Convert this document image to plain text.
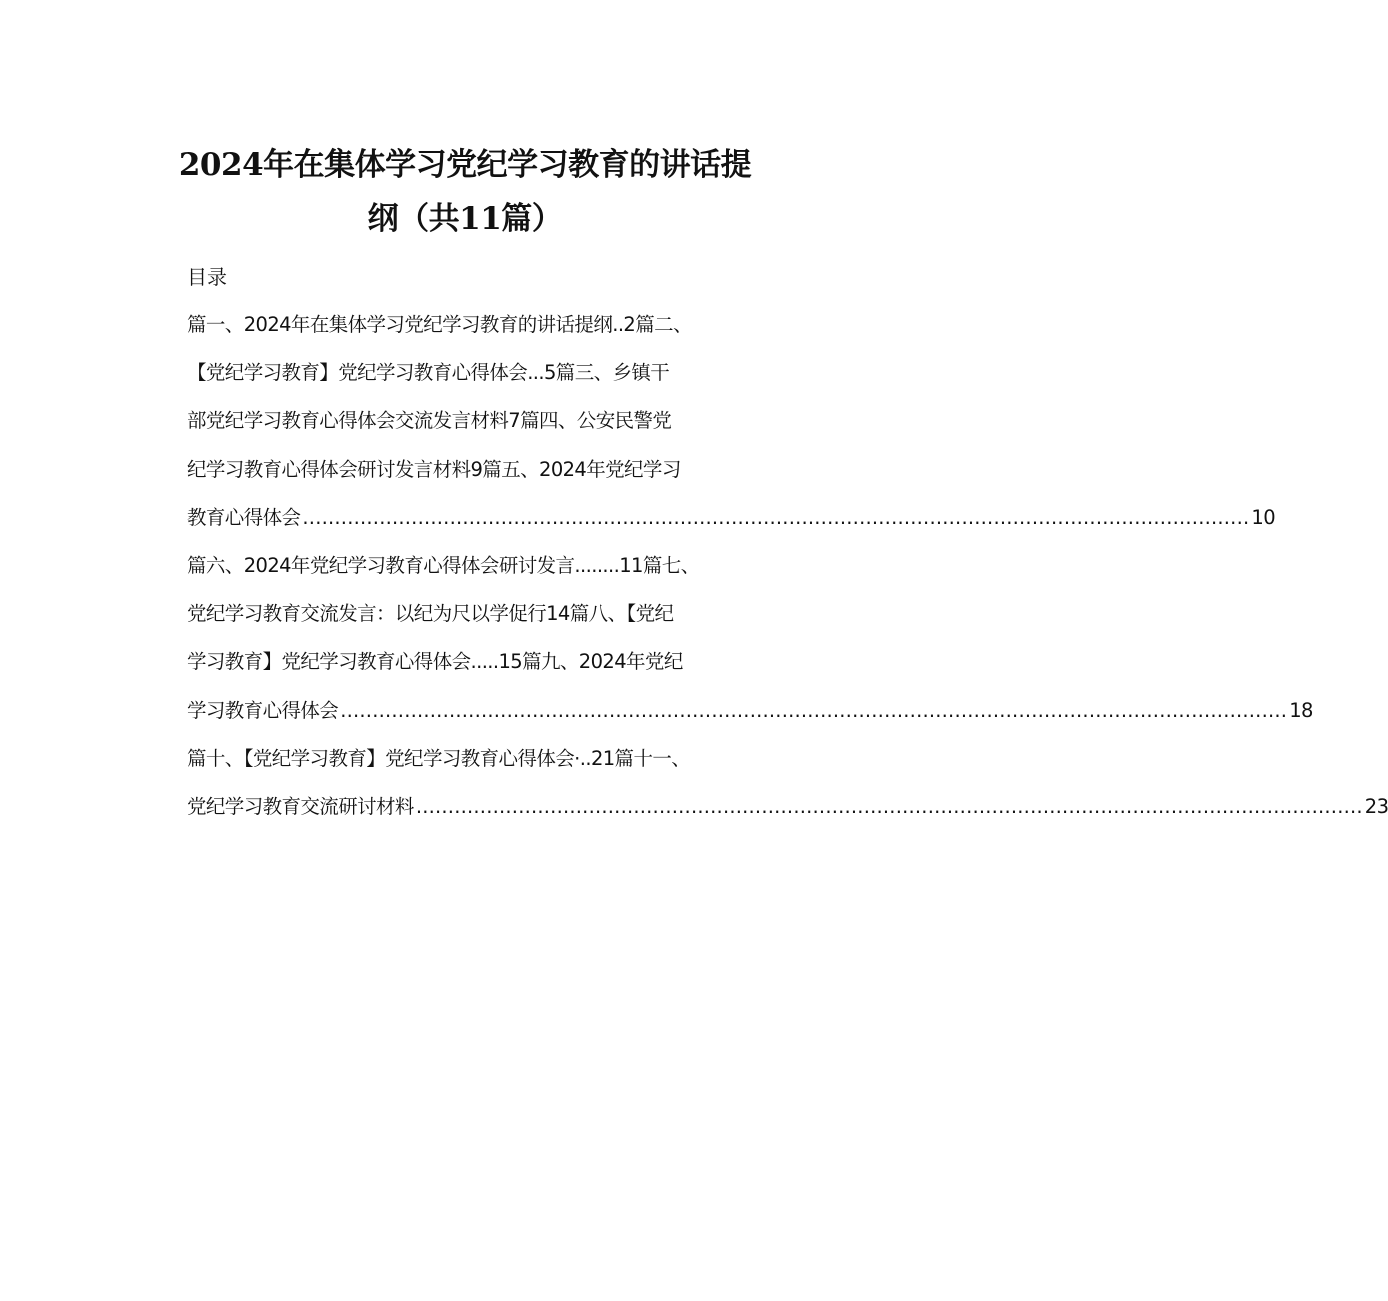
2024年在集体学习党纪学习教育的讲话提
纲（共11篇）
目录
篇一、2024年在集体学习党纪学习教育的讲话提纲..2篇二、
【党纪学习教育】党纪学习教育心得体会...5篇三、乡镇干
部党纪学习教育心得体会交流发言材料7篇四、公安民警党
纪学习教育心得体会研讨发言材料9篇五、2024年党纪学习
教育心得体会 .................................................................................................................................................... 10
篇六、2024年党纪学习教育心得体会研讨发言........11篇七、
党纪学习教育交流发言：以纪为尺以学促行14篇八、【党纪
学习教育】党纪学习教育心得体会.....15篇九、2024年党纪
学习教育心得体会 .................................................................................................................................................... 18
篇十、【党纪学习教育】党纪学习教育心得体会·..21篇十一、
党纪学习教育交流研讨材料 .................................................................................................................................................... 23
